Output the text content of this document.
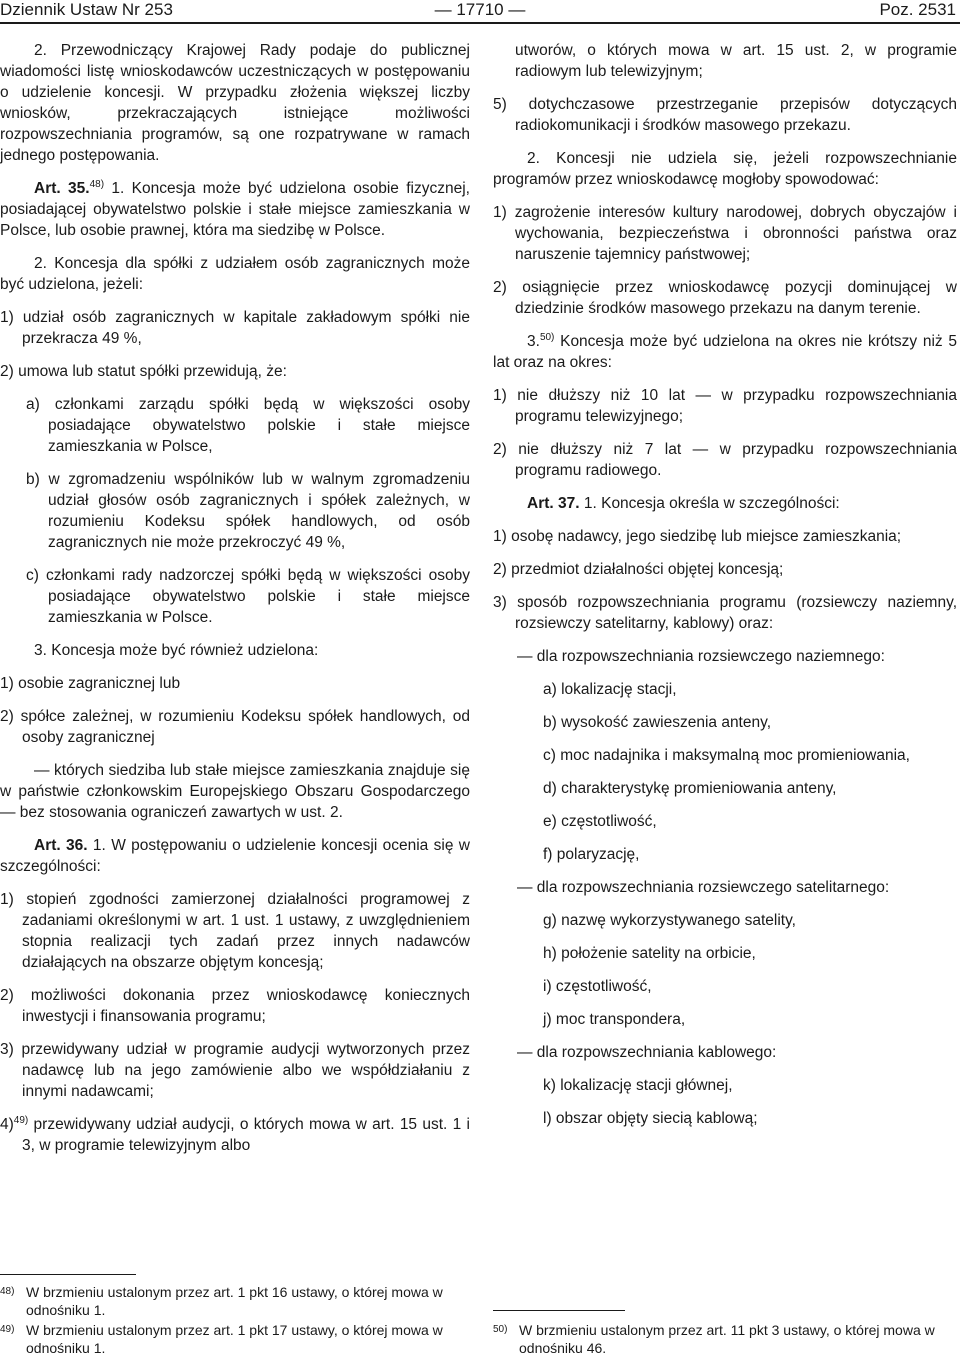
Dziennik Ustaw Nr 253	— 17710 —	Poz. 2531

2. Przewodniczący Krajowej Rady podaje do publicznej wiadomości listę wnioskodawców uczestniczących w postępowaniu o udzielenie koncesji. W przypadku złożenia większej liczby wniosków, przekraczających istniejące możliwości rozpowszechniania programów, są one rozpatrywane w ramach jednego postępowania.

Art. 35.$^{48)}$ 1. Koncesja może być udzielona osobie fizycznej, posiadającej obywatelstwo polskie i stałe miejsce zamieszkania w Polsce, lub osobie prawnej, która ma siedzibę w Polsce.

2. Koncesja dla spółki z udziałem osób zagranicznych może być udzielona, jeżeli:

1) udział osób zagranicznych w kapitale zakładowym spółki nie przekracza 49 %,

2) umowa lub statut spółki przewidują, że:

a) członkami zarządu spółki będą w większości osoby posiadające obywatelstwo polskie i stałe miejsce zamieszkania w Polsce,

b) w zgromadzeniu wspólników lub w walnym zgromadzeniu udział głosów osób zagranicznych i spółek zależnych, w rozumieniu Kodeksu spółek handlowych, od osób zagranicznych nie może przekroczyć 49 %,

c) członkami rady nadzorczej spółki będą w większości osoby posiadające obywatelstwo polskie i stałe miejsce zamieszkania w Polsce.

3. Koncesja może być również udzielona:

1) osobie zagranicznej lub

2) spółce zależnej, w rozumieniu Kodeksu spółek handlowych, od osoby zagranicznej

— których siedziba lub stałe miejsce zamieszkania znajduje się w państwie członkowskim Europejskiego Obszaru Gospodarczego — bez stosowania ograniczeń zawartych w ust. 2.

Art. 36. 1. W postępowaniu o udzielenie koncesji ocenia się w szczególności:

1) stopień zgodności zamierzonej działalności programowej z zadaniami określonymi w art. 1 ust. 1 ustawy, z uwzględnieniem stopnia realizacji tych zadań przez innych nadawców działających na obszarze objętym koncesją;

2) możliwości dokonania przez wnioskodawcę koniecznych inwestycji i finansowania programu;

3) przewidywany udział w programie audycji wytworzonych przez nadawcę lub na jego zamówienie albo we współdziałaniu z innymi nadawcami;

4)$^{49)}$ przewidywany udział audycji, o których mowa w art. 15 ust. 1 i 3, w programie telewizyjnym albo

utworów, o których mowa w art. 15 ust. 2, w programie radiowym lub telewizyjnym;

5) dotychczasowe przestrzeganie przepisów dotyczących radiokomunikacji i środków masowego przekazu.

2. Koncesji nie udziela się, jeżeli rozpowszechnianie programów przez wnioskodawcę mogłoby spowodować:

1) zagrożenie interesów kultury narodowej, dobrych obyczajów i wychowania, bezpieczeństwa i obronności państwa oraz naruszenie tajemnicy państwowej;

2) osiągnięcie przez wnioskodawcę pozycji dominującej w dziedzinie środków masowego przekazu na danym terenie.

3.$^{50)}$ Koncesja może być udzielona na okres nie krótszy niż 5 lat oraz na okres:

1) nie dłuższy niż 10 lat — w przypadku rozpowszechniania programu telewizyjnego;

2) nie dłuższy niż 7 lat — w przypadku rozpowszechniania programu radiowego.

Art. 37. 1. Koncesja określa w szczególności:

1) osobę nadawcy, jego siedzibę lub miejsce zamieszkania;

2) przedmiot działalności objętej koncesją;

3) sposób rozpowszechniania programu (rozsiewczy naziemny, rozsiewczy satelitarny, kablowy) oraz:

— dla rozpowszechniania rozsiewczego naziemnego:

a) lokalizację stacji,

b) wysokość zawieszenia anteny,

c) moc nadajnika i maksymalną moc promieniowania,

d) charakterystykę promieniowania anteny,

e) częstotliwość,

f) polaryzację,

— dla rozpowszechniania rozsiewczego satelitarnego:

g) nazwę wykorzystywanego satelity,

h) położenie satelity na orbicie,

i) częstotliwość,

j) moc transpondera,

— dla rozpowszechniania kablowego:

k) lokalizację stacji głównej,

l) obszar objęty siecią kablową;

48) W brzmieniu ustalonym przez art. 1 pkt 16 ustawy, o której mowa w odnośniku 1.
49) W brzmieniu ustalonym przez art. 1 pkt 17 ustawy, o której mowa w odnośniku 1.
50) W brzmieniu ustalonym przez art. 11 pkt 3 ustawy, o której mowa w odnośniku 46.
